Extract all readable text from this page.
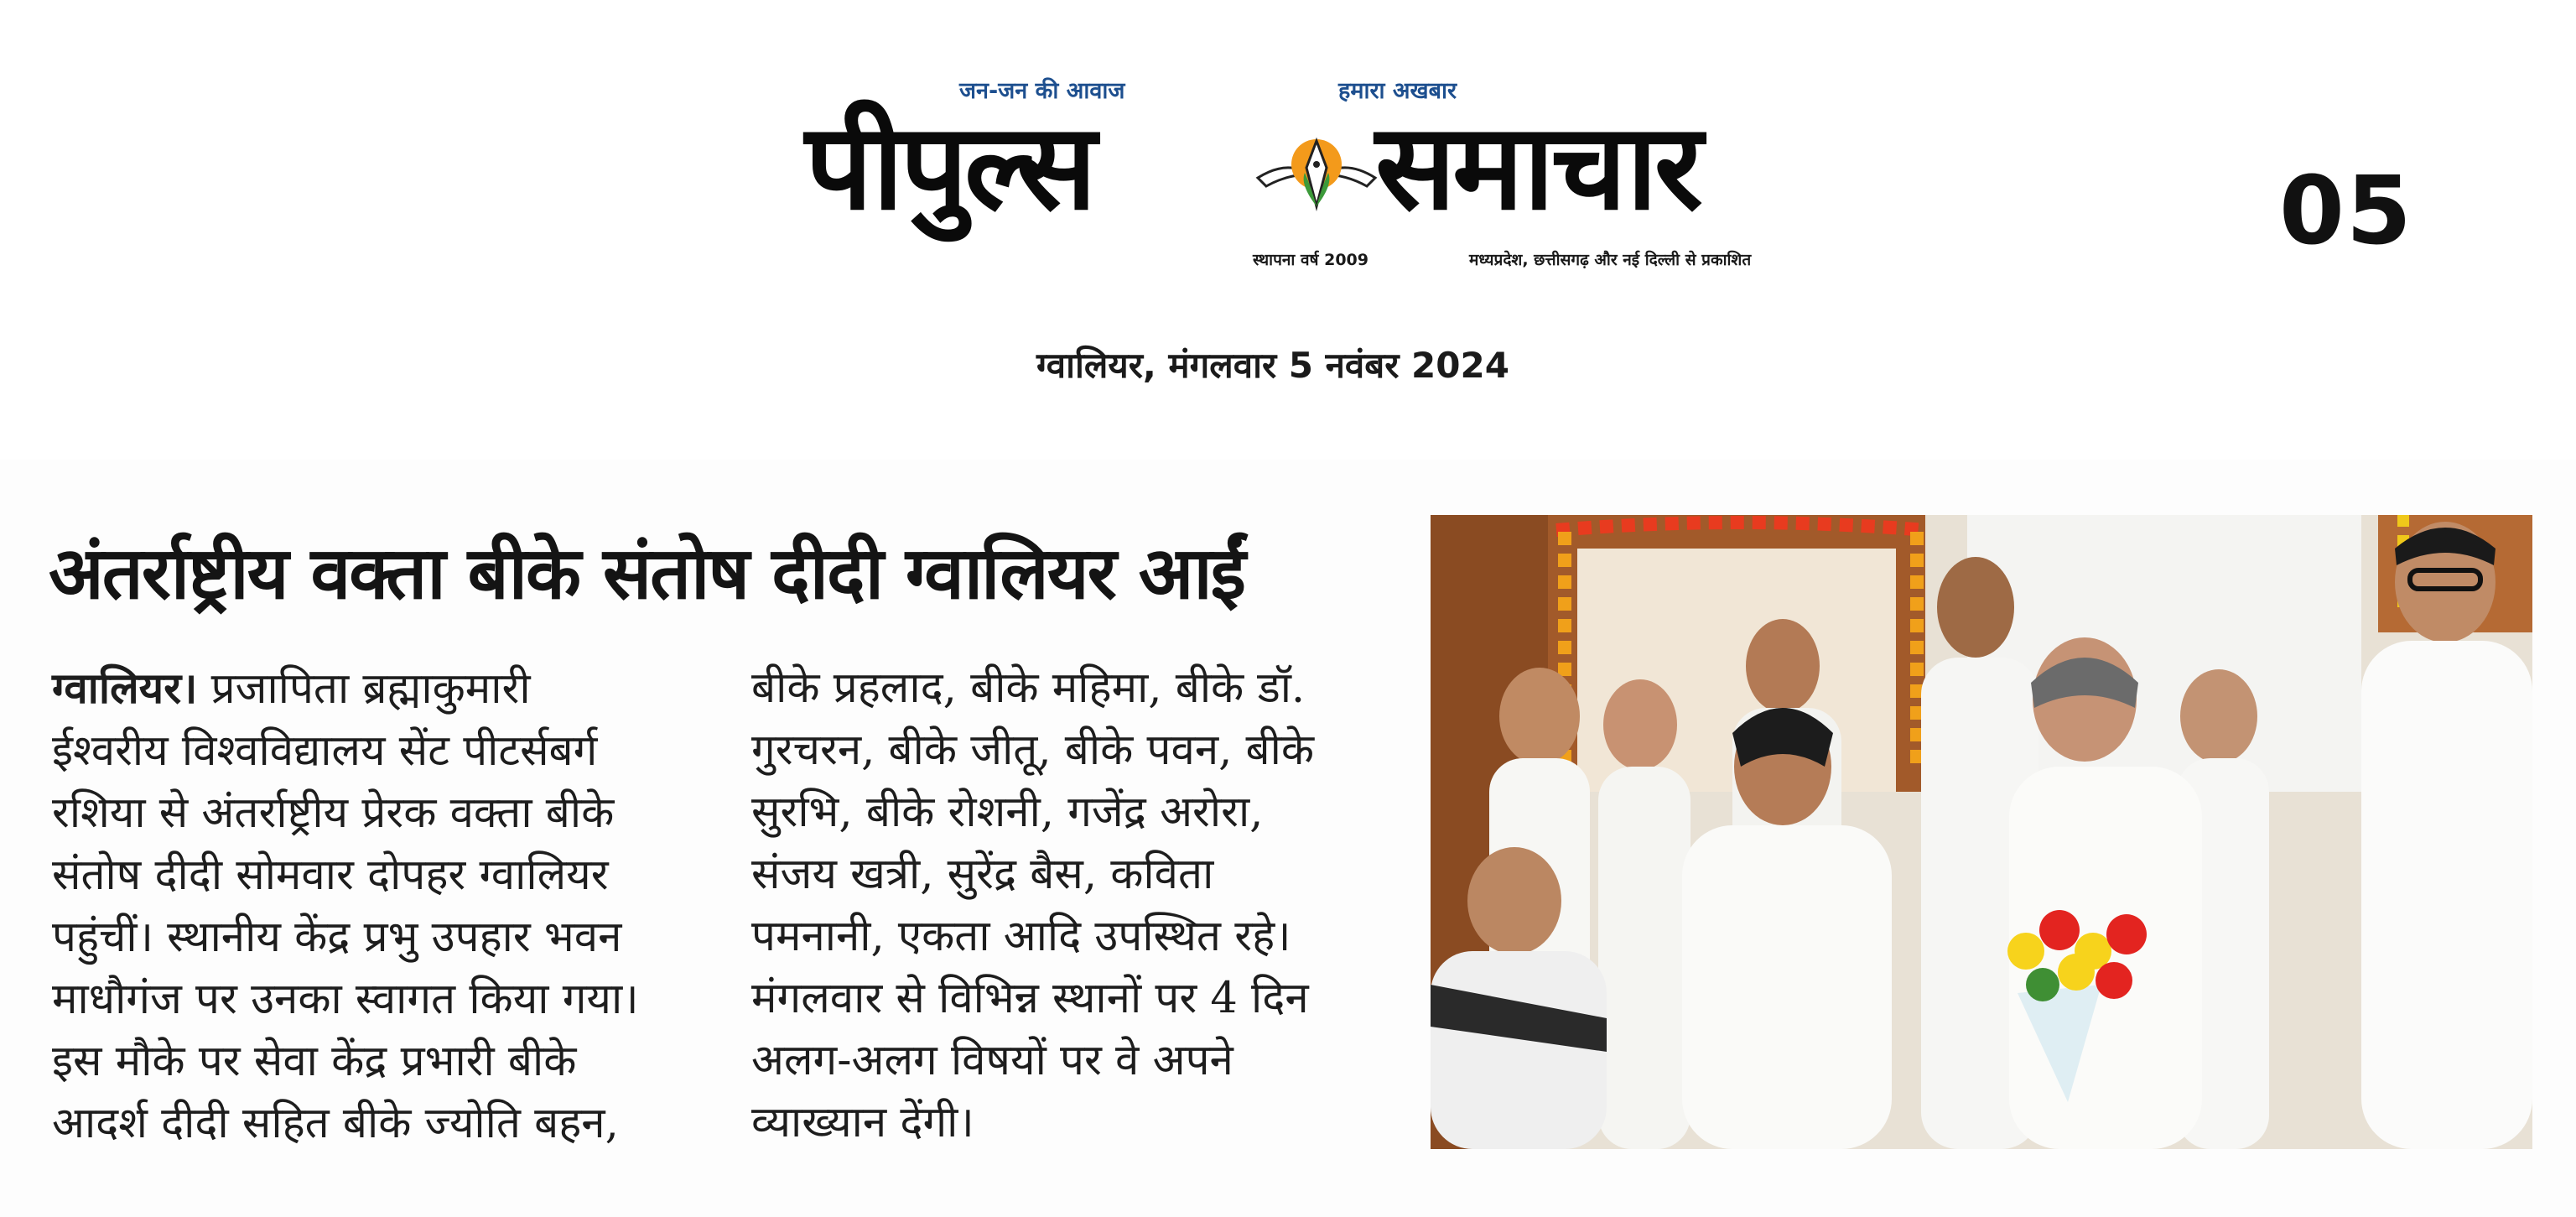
जन-जन की आवाज	हमारा अखबार
पीपुल्स समाचार
स्थापना वर्ष 2009	मध्यप्रदेश, छत्तीसगढ़ और नई दिल्ली से प्रकाशित	05
ग्वालियर, मंगलवार 5 नवंबर 2024
अंतर्राष्ट्रीय वक्ता बीके संतोष दीदी ग्वालियर आईं
ग्वालियर। प्रजापिता ब्रह्माकुमारी
ईश्वरीय विश्वविद्यालय सेंट पीटर्सबर्ग
रशिया से अंतर्राष्ट्रीय प्रेरक वक्ता बीके
संतोष दीदी सोमवार दोपहर ग्वालियर
पहुंचीं। स्थानीय केंद्र प्रभु उपहार भवन
माधौगंज पर उनका स्वागत किया गया।
इस मौके पर सेवा केंद्र प्रभारी बीके
आदर्श दीदी सहित बीके ज्योति बहन,
बीके प्रहलाद, बीके महिमा, बीके डॉ.
गुरचरन, बीके जीतू, बीके पवन, बीके
सुरभि, बीके रोशनी, गजेंद्र अरोरा,
संजय खत्री, सुरेंद्र बैस, कविता
पमनानी, एकता आदि उपस्थित रहे।
मंगलवार से विभिन्न स्थानों पर 4 दिन
अलग-अलग विषयों पर वे अपने
व्याख्यान देंगी।
